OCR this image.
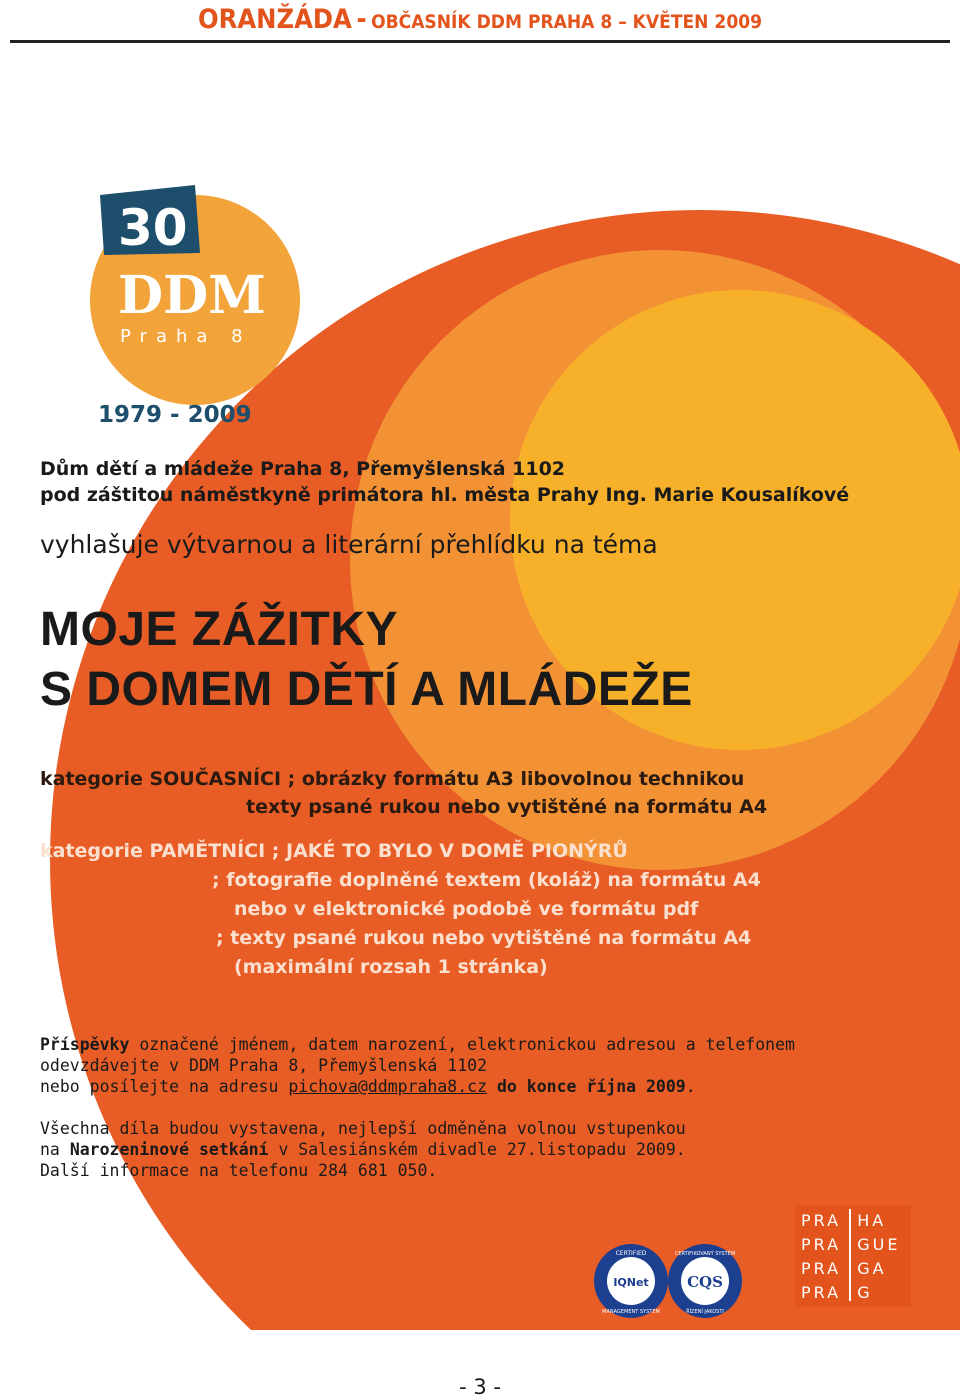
ORANŽÁDA - OBČASNÍK DDM PRAHA 8 – KVĚTEN 2009
30
DDM
Praha 8
1979 - 2009
Dům dětí a mládeže Praha 8, Přemyšlenská 1102
pod záštitou náměstkyně primátora hl. města Prahy Ing. Marie Kousalíkové
vyhlašuje výtvarnou a literární přehlídku na téma
MOJE ZÁŽITKY
S DOMEM DĚTÍ A MLÁDEŽE
kategorie SOUČASNÍCI ; obrázky formátu A3 libovolnou technikou
texty psané rukou nebo vytištěné na formátu A4
kategorie PAMĚTNÍCI ; JAKÉ TO BYLO V DOMĚ PIONÝRŮ
; fotografie doplněné textem (koláž) na formátu A4
nebo v elektronické podobě ve formátu pdf
; texty psané rukou nebo vytištěné na formátu A4
(maximální rozsah 1 stránka)
Příspěvky označené jménem, datem narození, elektronickou adresou a telefonem
odevzdávejte v DDM Praha 8, Přemyšlenská 1102
nebo posílejte na adresu pichova@ddmpraha8.cz do konce října 2009.
Všechna díla budou vystavena, nejlepší odměněna volnou vstupenkou
na Narozeninové setkání v Salesiánském divadle 27.listopadu 2009.
Další informace na telefonu 284 681 050.
CERTIFIED
IQNet
MANAGEMENT SYSTEM
CERTIFIKOVANÝ SYSTÉM
CQS
ŘÍZENÍ JAKOSTI
PRA HA
PRA GUE
PRA GA
PRA G
- 3 -
